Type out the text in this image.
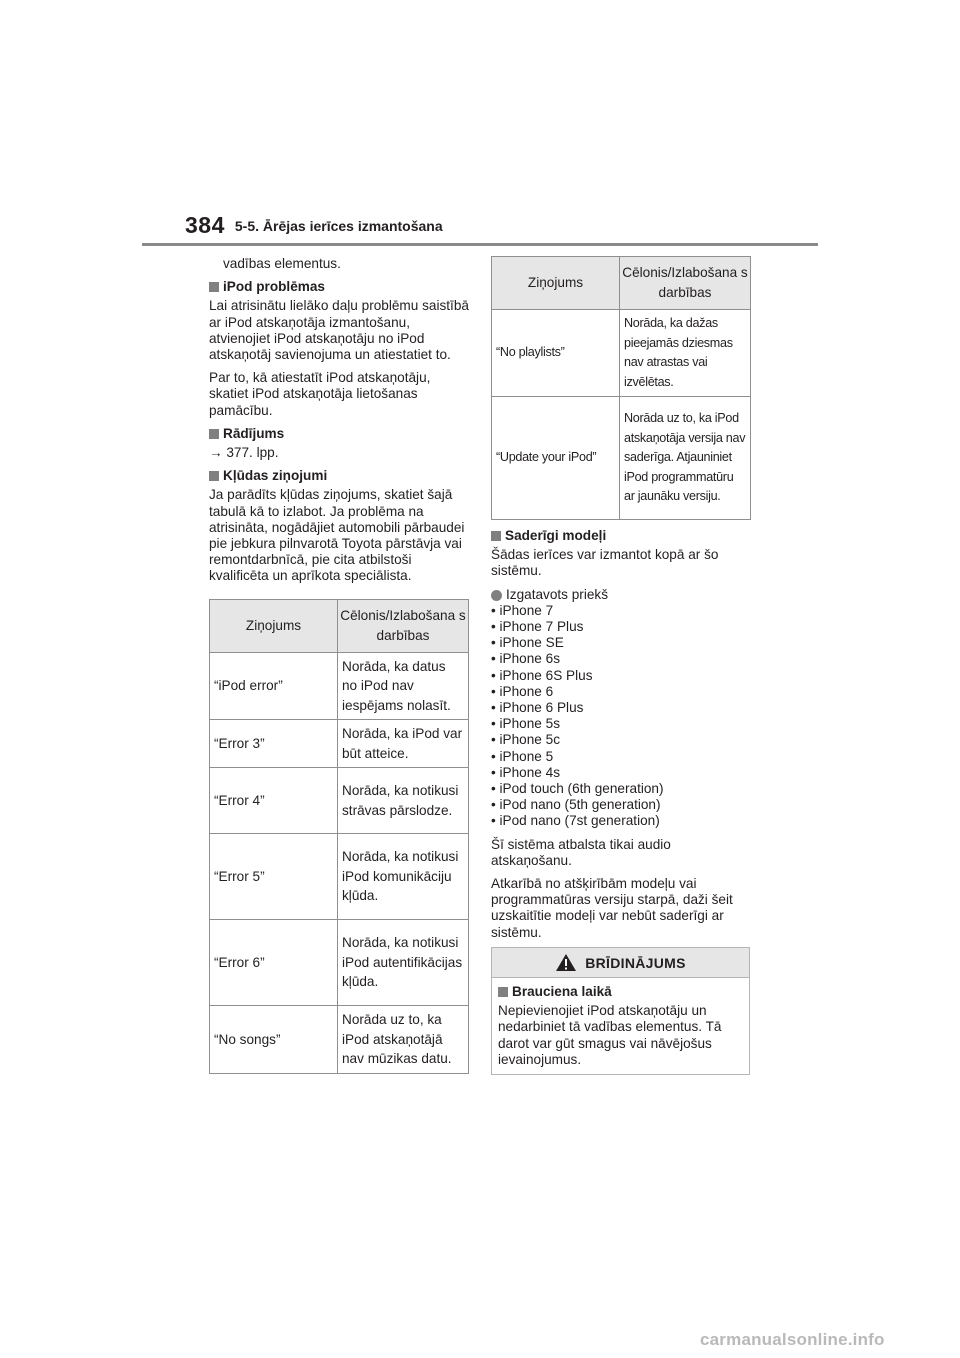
384 5-5. Ārējas ierīces izmantošana

vadības elementus.

iPod problēmas

Lai atrisinātu lielāko daļu problēmu saistībā ar iPod atskaņotāja izmantošanu, atvienojiet iPod atskaņotāju no iPod atskaņotāj savienojuma un atiestatiet to.

Par to, kā atiestatīt iPod atskaņotāju, skatiet iPod atskaņotāja lietošanas pamācību.

Rādījums

→ 377. lpp.

Kļūdas ziņojumi

Ja parādīts kļūdas ziņojums, skatiet šajā tabulā kā to izlabot. Ja problēma na atrisināta, nogādājiet automobili pārbaudei pie jebkura pilnvarotā Toyota pārstāvja vai remontdarbnīcā, pie cita atbilstoši kvalificēta un aprīkota speciālista.

Ziņojums	Cēlonis/Izlabošana s darbības
“iPod error”	Norāda, ka datus no iPod nav iespējams nolasīt.
“Error 3”	Norāda, ka iPod var būt atteice.
“Error 4”	Norāda, ka notikusi strāvas pārslodze.
“Error 5”	Norāda, ka notikusi iPod komunikāciju kļūda.
“Error 6”	Norāda, ka notikusi iPod autentifikācijas kļūda.
“No songs”	Norāda uz to, ka iPod atskaņotājā nav mūzikas datu.
Ziņojums	Cēlonis/Izlabošana s darbības
“No playlists”	Norāda, ka dažas pieejamās dziesmas nav atrastas vai izvēlētas.
“Update your iPod”	Norāda uz to, ka iPod atskaņotāja versija nav saderīga. Atjauniniet iPod programmatūru ar jaunāku versiju.
Saderīgi modeļi

Šādas ierīces var izmantot kopā ar šo sistēmu.

Izgatavots priekš
• iPhone 7
• iPhone 7 Plus
• iPhone SE
• iPhone 6s
• iPhone 6S Plus
• iPhone 6
• iPhone 6 Plus
• iPhone 5s
• iPhone 5c
• iPhone 5
• iPhone 4s
• iPod touch (6th generation)
• iPod nano (5th generation)
• iPod nano (7st generation)

Šī sistēma atbalsta tikai audio atskaņošanu.

Atkarībā no atšķirībām modeļu vai programmatūras versiju starpā, daži šeit uzskaitītie modeļi var nebūt saderīgi ar sistēmu.

BRĪDINĀJUMS
Brauciena laikā

Nepievienojiet iPod atskaņotāju un nedarbiniet tā vadības elementus. Tā darot var gūt smagus vai nāvējošus ievainojumus.

carmanualsonline.info
